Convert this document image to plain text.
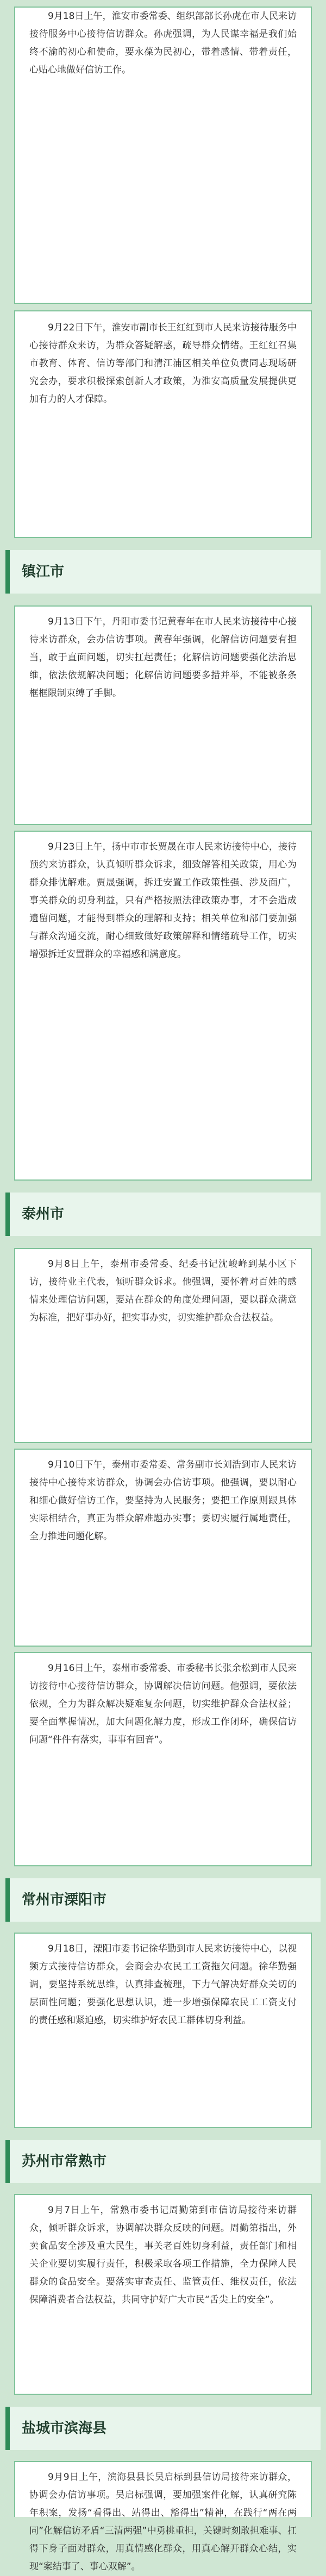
9月18日上午，淮安市委常委、组织部部长孙虎在市人民来访接待服务中心接待信访群众。孙虎强调，为人民谋幸福是我们始终不渝的初心和使命，要永葆为民初心，带着感情、带着责任，心贴心地做好信访工作。

9月22日下午，淮安市副市长王红红到市人民来访接待服务中心接待群众来访，为群众答疑解惑，疏导群众情绪。王红红召集市教育、体育、信访等部门和清江浦区相关单位负责同志现场研究会办，要求积极探索创新人才政策，为淮安高质量发展提供更加有力的人才保障。

镇江市

9月13日下午，丹阳市委书记黄春年在市人民来访接待中心接待来访群众，会办信访事项。黄春年强调，化解信访问题要有担当，敢于直面问题，切实扛起责任；化解信访问题要强化法治思维，依法依规解决问题；化解信访问题要多措并举，不能被条条框框限制束缚了手脚。

9月23日上午，扬中市市长贾晟在市人民来访接待中心，接待预约来访群众，认真倾听群众诉求，细致解答相关政策，用心为群众排忧解难。贾晟强调，拆迁安置工作政策性强、涉及面广，事关群众的切身利益，只有严格按照法律政策办事，才不会造成遗留问题，才能得到群众的理解和支持；相关单位和部门要加强与群众沟通交流，耐心细致做好政策解释和情绪疏导工作，切实增强拆迁安置群众的幸福感和满意度。

泰州市

9月8日上午，泰州市委常委、纪委书记沈峻峰到某小区下访，接待业主代表，倾听群众诉求。他强调，要怀着对百姓的感情来处理信访问题，要站在群众的角度处理问题，要以群众满意为标准，把好事办好，把实事办实，切实维护群众合法权益。

9月10日下午，泰州市委常委、常务副市长刘浩到市人民来访接待中心接待来访群众，协调会办信访事项。他强调，要以耐心和细心做好信访工作，要坚持为人民服务；要把工作原则跟具体实际相结合，真正为群众解难题办实事；要切实履行属地责任，全力推进问题化解。

9月16日上午，泰州市委常委、市委秘书长张余松到市人民来访接待中心接待信访群众，协调解决信访问题。他强调，要依法依规，全力为群众解决疑难复杂问题，切实维护群众合法权益；要全面掌握情况，加大问题化解力度，形成工作闭环，确保信访问题“件件有落实，事事有回音”。

常州市溧阳市

9月18日，溧阳市委书记徐华勤到市人民来访接待中心，以视频方式接待信访群众，会商会办农民工工资拖欠问题。徐华勤强调，要坚持系统思维，认真排查梳理，下力气解决好群众关切的层面性问题；要强化思想认识，进一步增强保障农民工工资支付的责任感和紧迫感，切实维护好农民工群体切身利益。

苏州市常熟市

9月7日上午，常熟市委书记周勤第到市信访局接待来访群众，倾听群众诉求，协调解决群众反映的问题。周勤第指出，外卖食品安全涉及重大民生，事关老百姓切身利益，责任部门和相关企业要切实履行责任，积极采取各项工作措施，全力保障人民群众的食品安全。要落实审查责任、监管责任、维权责任，依法保障消费者合法权益，共同守护好广大市民“舌尖上的安全”。

盐城市滨海县

9月9日上午，滨海县县长吴启标到县信访局接待来访群众，协调会办信访事项。吴启标强调，要加强案件化解，认真研究陈年积案，发扬“看得出、站得出、豁得出”精神，在践行“两在两同”化解信访矛盾“三清两强”中勇挑重担，关键时刻敢担难事、扛得下身子面对群众，用真情感化群众，用真心解开群众心结，实现“案结事了、事心双解”。
